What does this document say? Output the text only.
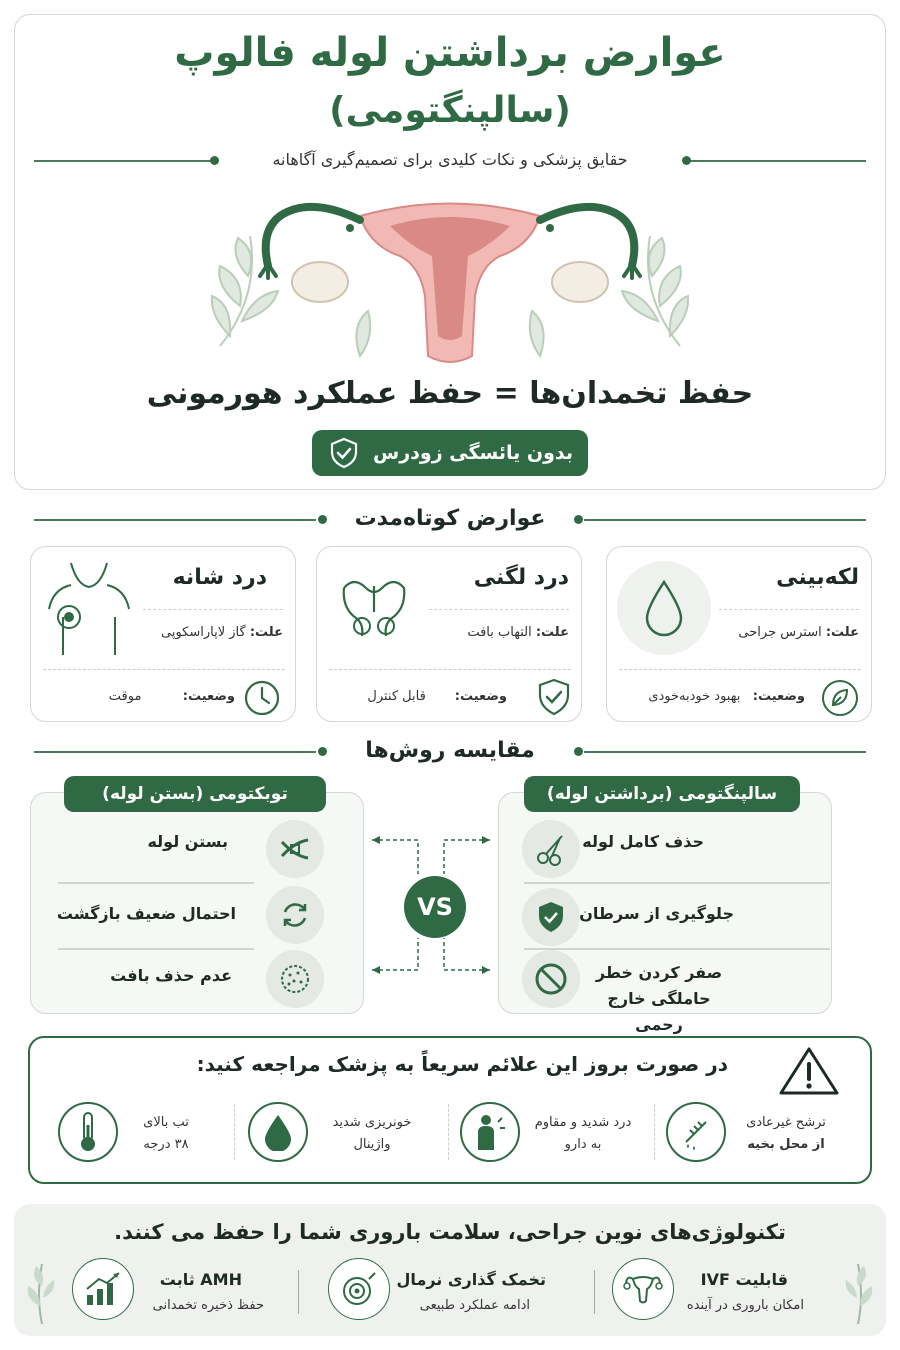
عوارض برداشتن لوله فالوپ
(سالپنگتومی)
حقایق پزشکی و نکات کلیدی برای تصمیم‌گیری آگاهانه
حفظ تخمدان‌ها = حفظ عملکرد هورمونی
بدون یائسگی زودرس
عوارض کوتاه‌مدت
لکه‌بینی
علت: استرس جراحی
وضعیت:   بهبود خودبه‌خودی
درد لگنی
علت: التهاب بافت
وضعیت:       قابل کنترل
درد شانه
علت: گاز لاپاراسکوپی
وضعیت:          موقت
مقایسه روش‌ها
سالپنگتومی (برداشتن لوله)
حذف کامل لوله
جلوگیری از سرطان
صفر کردن خطر حاملگی خارج رحمی
توبکتومی (بستن لوله)
بستن لوله
احتمال ضعیف بازگشت
عدم حذف بافت
VS
در صورت بروز این علائم سریعاً به پزشک مراجعه کنید:
ترشح غیرعادی
از محل بخیه
درد شدید و مقاوم
به دارو
خونریزی شدید
واژینال
تب بالای
۳۸ درجه
تکنولوژی‌های نوین جراحی، سلامت باروری شما را حفظ می کنند.
قابلیت IVF
امکان باروری در آینده
تخمک گذاری نرمال
ادامه عملکرد طبیعی
AMH ثابت
حفظ ذخیره تخمدانی
